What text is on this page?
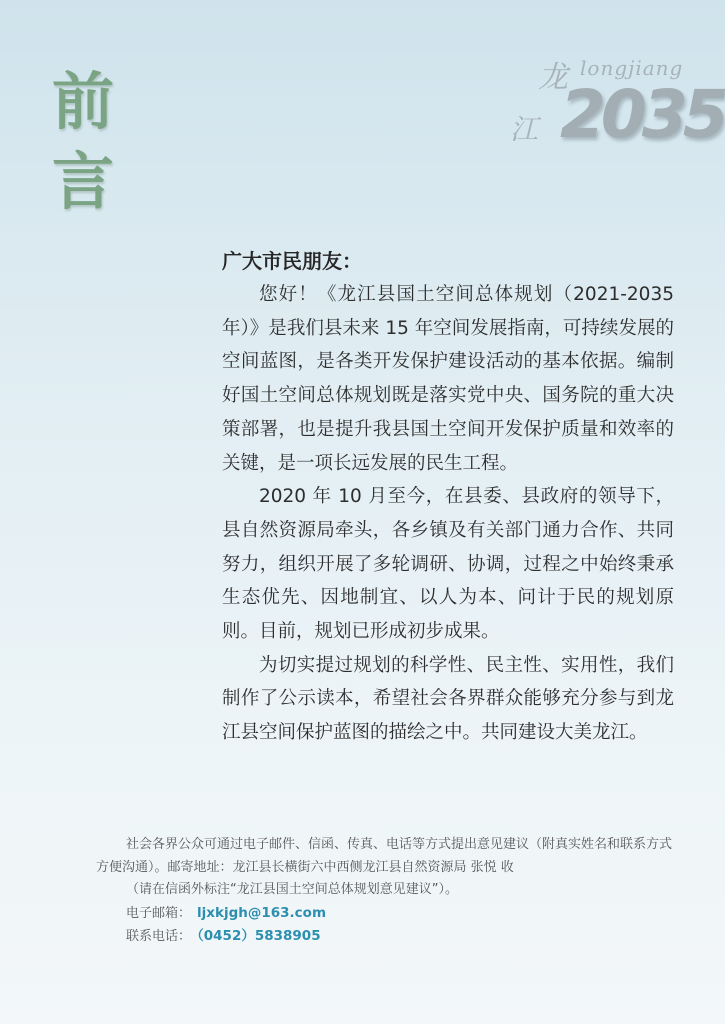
前
言
龙 longjiang
江 2035
广大市民朋友：

您好！《龙江县国土空间总体规划（2021-2035年）》是我们县未来 15 年空间发展指南，可持续发展的空间蓝图，是各类开发保护建设活动的基本依据。编制好国土空间总体规划既是落实党中央、国务院的重大决策部署，也是提升我县国土空间开发保护质量和效率的关键，是一项长远发展的民生工程。

2020 年 10 月至今，在县委、县政府的领导下，县自然资源局牵头，各乡镇及有关部门通力合作、共同努力，组织开展了多轮调研、协调，过程之中始终秉承生态优先、因地制宜、以人为本、问计于民的规划原则。目前，规划已形成初步成果。

为切实提过规划的科学性、民主性、实用性，我们制作了公示读本，希望社会各界群众能够充分参与到龙江县空间保护蓝图的描绘之中。共同建设大美龙江。

社会各界公众可通过电子邮件、信函、传真、电话等方式提出意见建议（附真实姓名和联系方式方便沟通）。邮寄地址：龙江县长横街六中西侧龙江县自然资源局 张悦 收

（请在信函外标注“龙江县国土空间总体规划意见建议”）。

电子邮箱： ljxkjgh@163.com
联系电话： （0452）5838905
